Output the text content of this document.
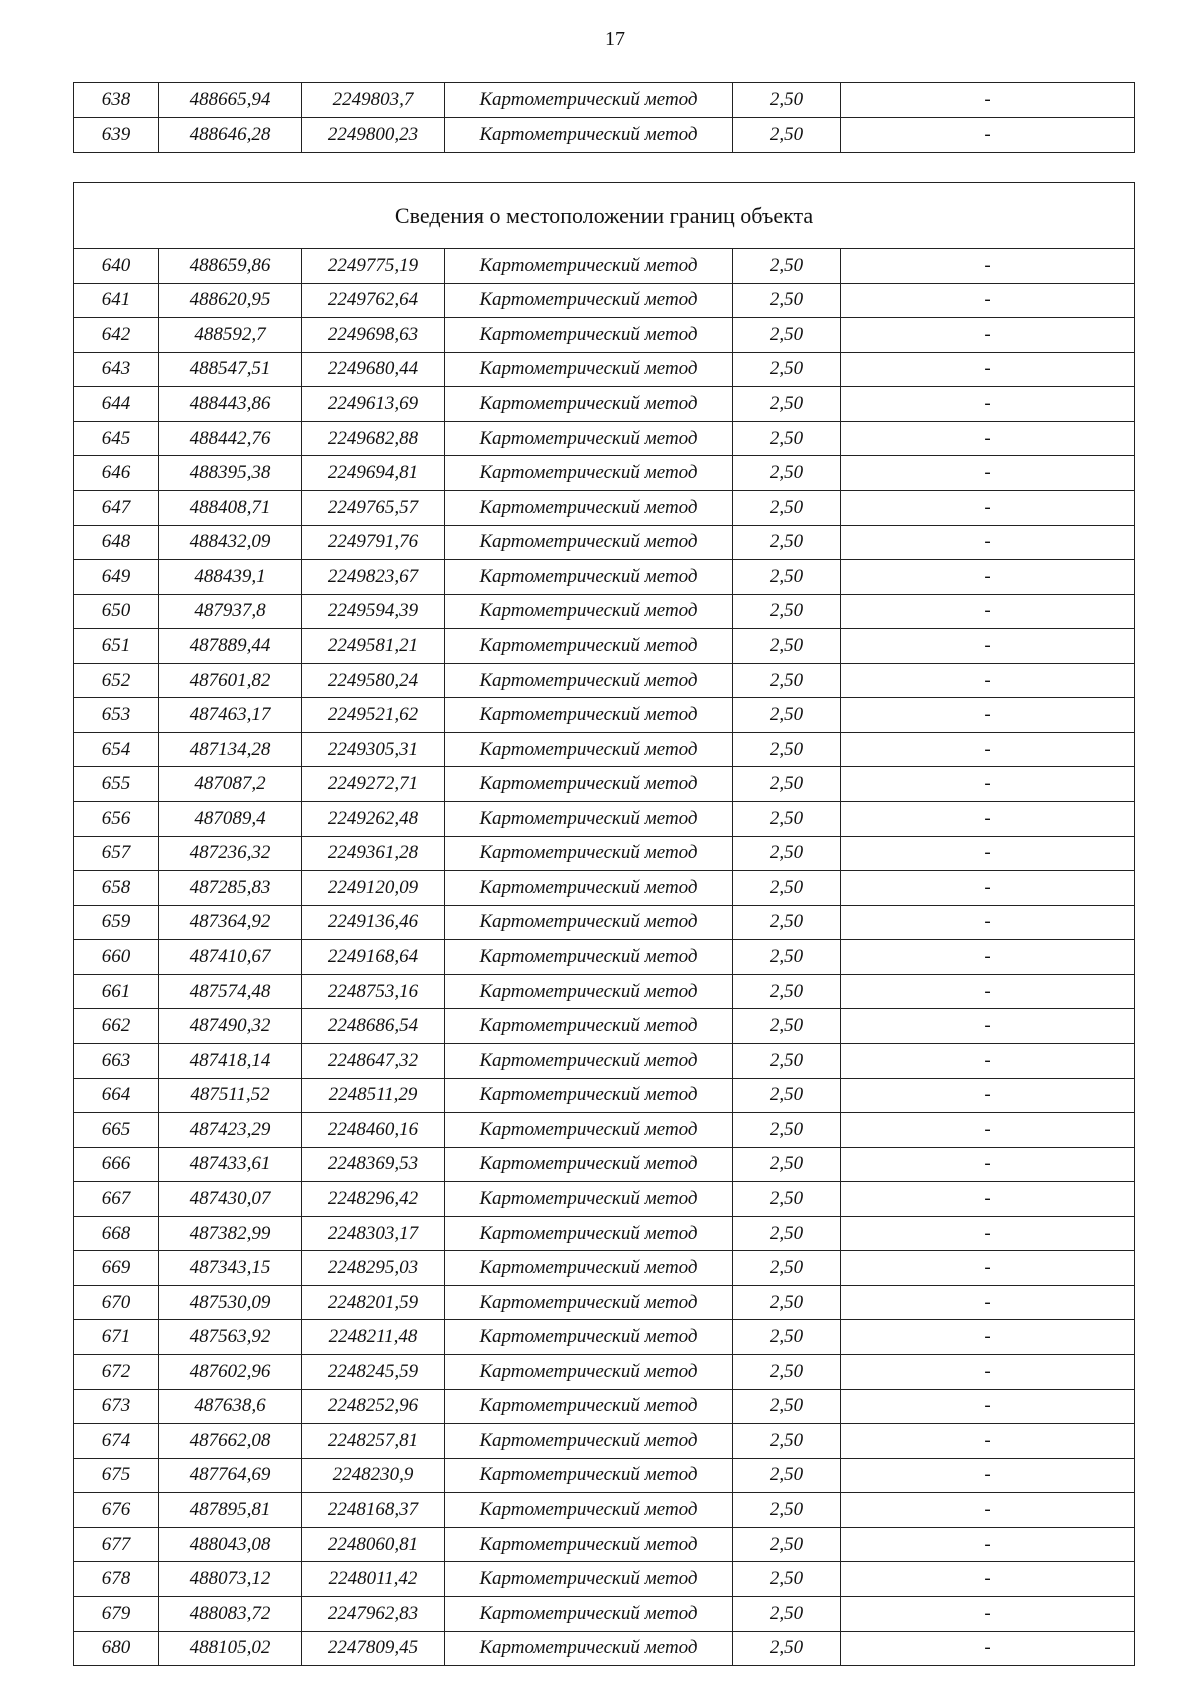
17
638	488665,94	2249803,7	Картометрический метод	2,50	-
639	488646,28	2249800,23	Картометрический метод	2,50	-
Сведения о местоположении границ объекта					
640	488659,86	2249775,19	Картометрический метод	2,50	-
641	488620,95	2249762,64	Картометрический метод	2,50	-
642	488592,7	2249698,63	Картометрический метод	2,50	-
643	488547,51	2249680,44	Картометрический метод	2,50	-
644	488443,86	2249613,69	Картометрический метод	2,50	-
645	488442,76	2249682,88	Картометрический метод	2,50	-
646	488395,38	2249694,81	Картометрический метод	2,50	-
647	488408,71	2249765,57	Картометрический метод	2,50	-
648	488432,09	2249791,76	Картометрический метод	2,50	-
649	488439,1	2249823,67	Картометрический метод	2,50	-
650	487937,8	2249594,39	Картометрический метод	2,50	-
651	487889,44	2249581,21	Картометрический метод	2,50	-
652	487601,82	2249580,24	Картометрический метод	2,50	-
653	487463,17	2249521,62	Картометрический метод	2,50	-
654	487134,28	2249305,31	Картометрический метод	2,50	-
655	487087,2	2249272,71	Картометрический метод	2,50	-
656	487089,4	2249262,48	Картометрический метод	2,50	-
657	487236,32	2249361,28	Картометрический метод	2,50	-
658	487285,83	2249120,09	Картометрический метод	2,50	-
659	487364,92	2249136,46	Картометрический метод	2,50	-
660	487410,67	2249168,64	Картометрический метод	2,50	-
661	487574,48	2248753,16	Картометрический метод	2,50	-
662	487490,32	2248686,54	Картометрический метод	2,50	-
663	487418,14	2248647,32	Картометрический метод	2,50	-
664	487511,52	2248511,29	Картометрический метод	2,50	-
665	487423,29	2248460,16	Картометрический метод	2,50	-
666	487433,61	2248369,53	Картометрический метод	2,50	-
667	487430,07	2248296,42	Картометрический метод	2,50	-
668	487382,99	2248303,17	Картометрический метод	2,50	-
669	487343,15	2248295,03	Картометрический метод	2,50	-
670	487530,09	2248201,59	Картометрический метод	2,50	-
671	487563,92	2248211,48	Картометрический метод	2,50	-
672	487602,96	2248245,59	Картометрический метод	2,50	-
673	487638,6	2248252,96	Картометрический метод	2,50	-
674	487662,08	2248257,81	Картометрический метод	2,50	-
675	487764,69	2248230,9	Картометрический метод	2,50	-
676	487895,81	2248168,37	Картометрический метод	2,50	-
677	488043,08	2248060,81	Картометрический метод	2,50	-
678	488073,12	2248011,42	Картометрический метод	2,50	-
679	488083,72	2247962,83	Картометрический метод	2,50	-
680	488105,02	2247809,45	Картометрический метод	2,50	-
